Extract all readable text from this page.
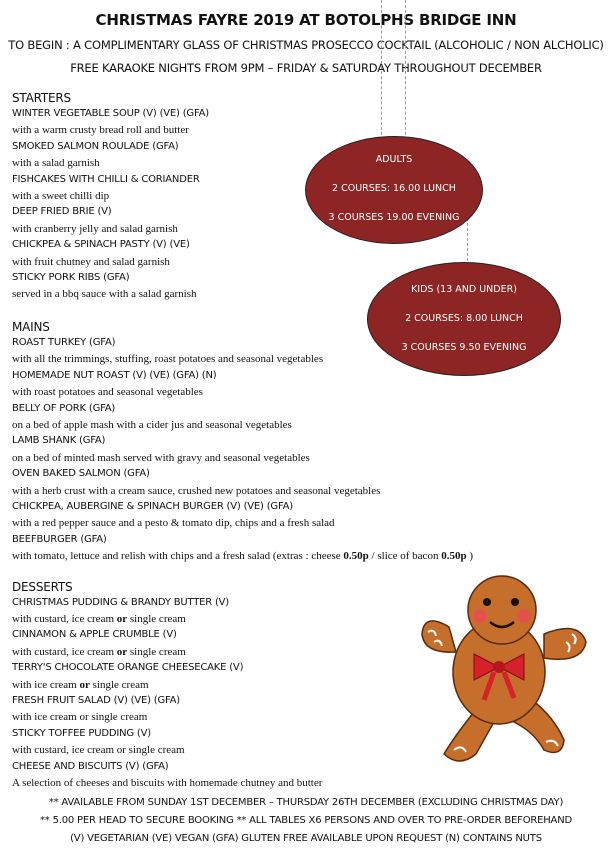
CHRISTMAS FAYRE 2019 AT BOTOLPHS BRIDGE INN
TO BEGIN : A COMPLIMENTARY GLASS OF CHRISTMAS PROSECCO COCKTAIL (ALCOHOLIC / NON ALCHOLIC)
FREE KARAOKE NIGHTS FROM 9PM – FRIDAY & SATURDAY THROUGHOUT DECEMBER
ADULTS
2 COURSES: 16.00 LUNCH
3 COURSES 19.00 EVENING
KIDS (13 AND UNDER)
2 COURSES: 8.00 LUNCH
3 COURSES 9.50 EVENING

STARTERS

WINTER VEGETABLE SOUP (V) (VE) (GFA)

with a warm crusty bread roll and butter

SMOKED SALMON ROULADE (GFA)

with a salad garnish

FISHCAKES WITH CHILLI & CORIANDER

with a sweet chilli dip

DEEP FRIED BRIE (V)

with cranberry jelly and salad garnish

CHICKPEA & SPINACH PASTY (V) (VE)

with fruit chutney and salad garnish

STICKY PORK RIBS (GFA)

served in a bbq sauce with a salad garnish

MAINS

ROAST TURKEY (GFA)

with all the trimmings, stuffing, roast potatoes and seasonal vegetables

HOMEMADE NUT ROAST (V) (VE) (GFA) (N)

with roast potatoes and seasonal vegetables

BELLY OF PORK (GFA)

on a bed of apple mash with a cider jus and seasonal vegetables

LAMB SHANK (GFA)

on a bed of minted mash served with gravy and seasonal vegetables

OVEN BAKED SALMON (GFA)

with a herb crust with a cream sauce, crushed new potatoes and seasonal vegetables

CHICKPEA, AUBERGINE & SPINACH BURGER (V) (VE) (GFA)

with a red pepper sauce and a pesto & tomato dip, chips and a fresh salad

BEEFBURGER (GFA)

with tomato, lettuce and relish with chips and a fresh salad (extras : cheese 0.50p / slice of bacon 0.50p )

DESSERTS

CHRISTMAS PUDDING & BRANDY BUTTER (V)

with custard, ice cream or single cream

CINNAMON & APPLE CRUMBLE (V)

with custard, ice cream or single cream

TERRY'S CHOCOLATE ORANGE CHEESECAKE (V)

with ice cream or single cream

FRESH FRUIT SALAD (V) (VE) (GFA)

with ice cream or single cream

STICKY TOFFEE PUDDING (V)

with custard, ice cream or single cream

CHEESE AND BISCUITS (V) (GFA)

A selection of cheeses and biscuits with homemade chutney and butter

** AVAILABLE FROM SUNDAY 1ST DECEMBER – THURSDAY 26TH DECEMBER (EXCLUDING CHRISTMAS DAY)
** 5.00 PER HEAD TO SECURE BOOKING ** ALL TABLES X6 PERSONS AND OVER TO PRE-ORDER BEFOREHAND
(V) VEGETARIAN (VE) VEGAN (GFA) GLUTEN FREE AVAILABLE UPON REQUEST (N) CONTAINS NUTS
